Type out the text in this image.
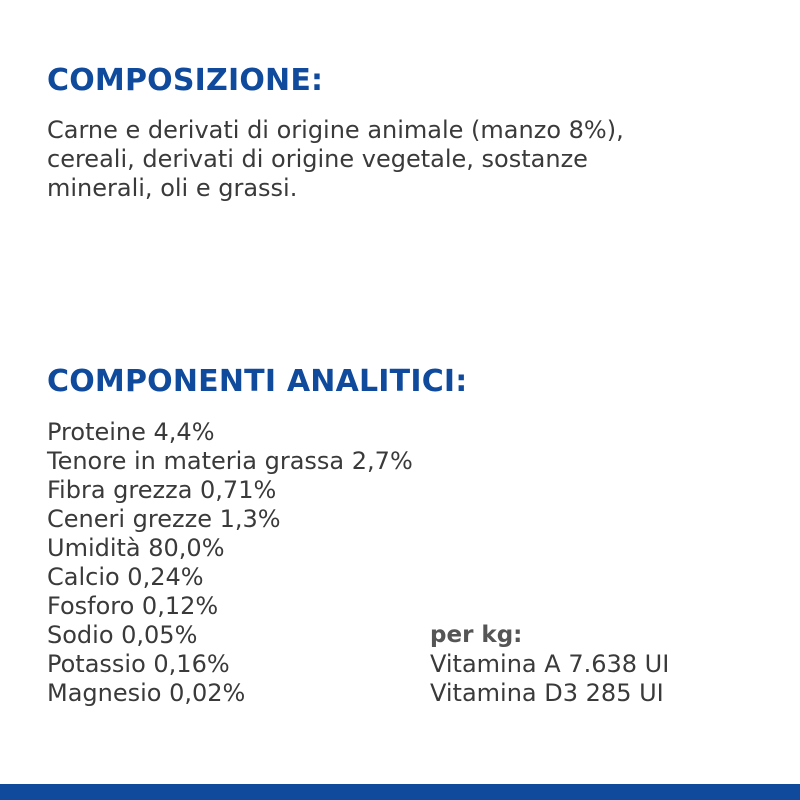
COMPOSIZIONE:

Carne e derivati di origine animale (manzo 8%),
cereali, derivati di origine vegetale, sostanze
minerali, oli e grassi.

COMPONENTI ANALITICI:
Proteine 4,4%
Tenore in materia grassa 2,7%
Fibra grezza 0,71%
Ceneri grezze 1,3%
Umidità 80,0%
Calcio 0,24%
Fosforo 0,12%
Sodio 0,05%
Potassio 0,16%
Magnesio 0,02%
per kg:
Vitamina A 7.638 UI
Vitamina D3 285 UI
